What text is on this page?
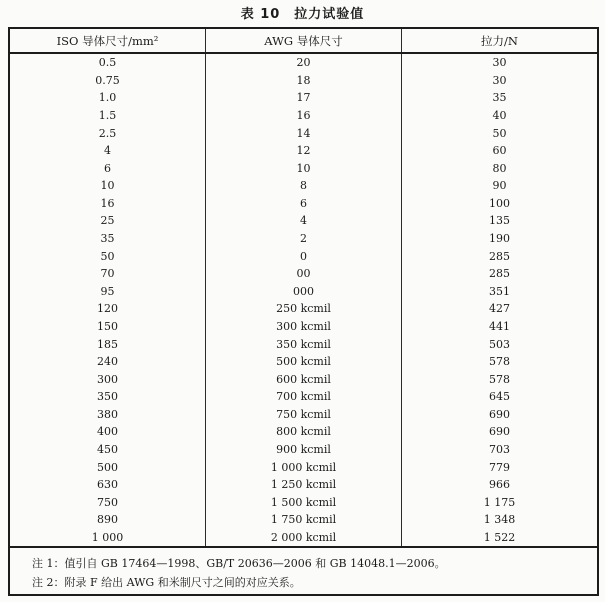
表 10　拉力试验值
ISO 导体尺寸/mm²	AWG 导体尺寸	拉力/N
0.5	20	30
0.75	18	30
1.0	17	35
1.5	16	40
2.5	14	50
4	12	60
6	10	80
10	8	90
16	6	100
25	4	135
35	2	190
50	0	285
70	00	285
95	000	351
120	250 kcmil	427
150	300 kcmil	441
185	350 kcmil	503
240	500 kcmil	578
300	600 kcmil	578
350	700 kcmil	645
380	750 kcmil	690
400	800 kcmil	690
450	900 kcmil	703
500	1 000 kcmil	779
630	1 250 kcmil	966
750	1 500 kcmil	1 175
890	1 750 kcmil	1 348
1 000	2 000 kcmil	1 522
注 1：值引自 GB 17464—1998、GB/T 20636—2006 和 GB 14048.1—2006。
注 2：附录 F 给出 AWG 和米制尺寸之间的对应关系。
